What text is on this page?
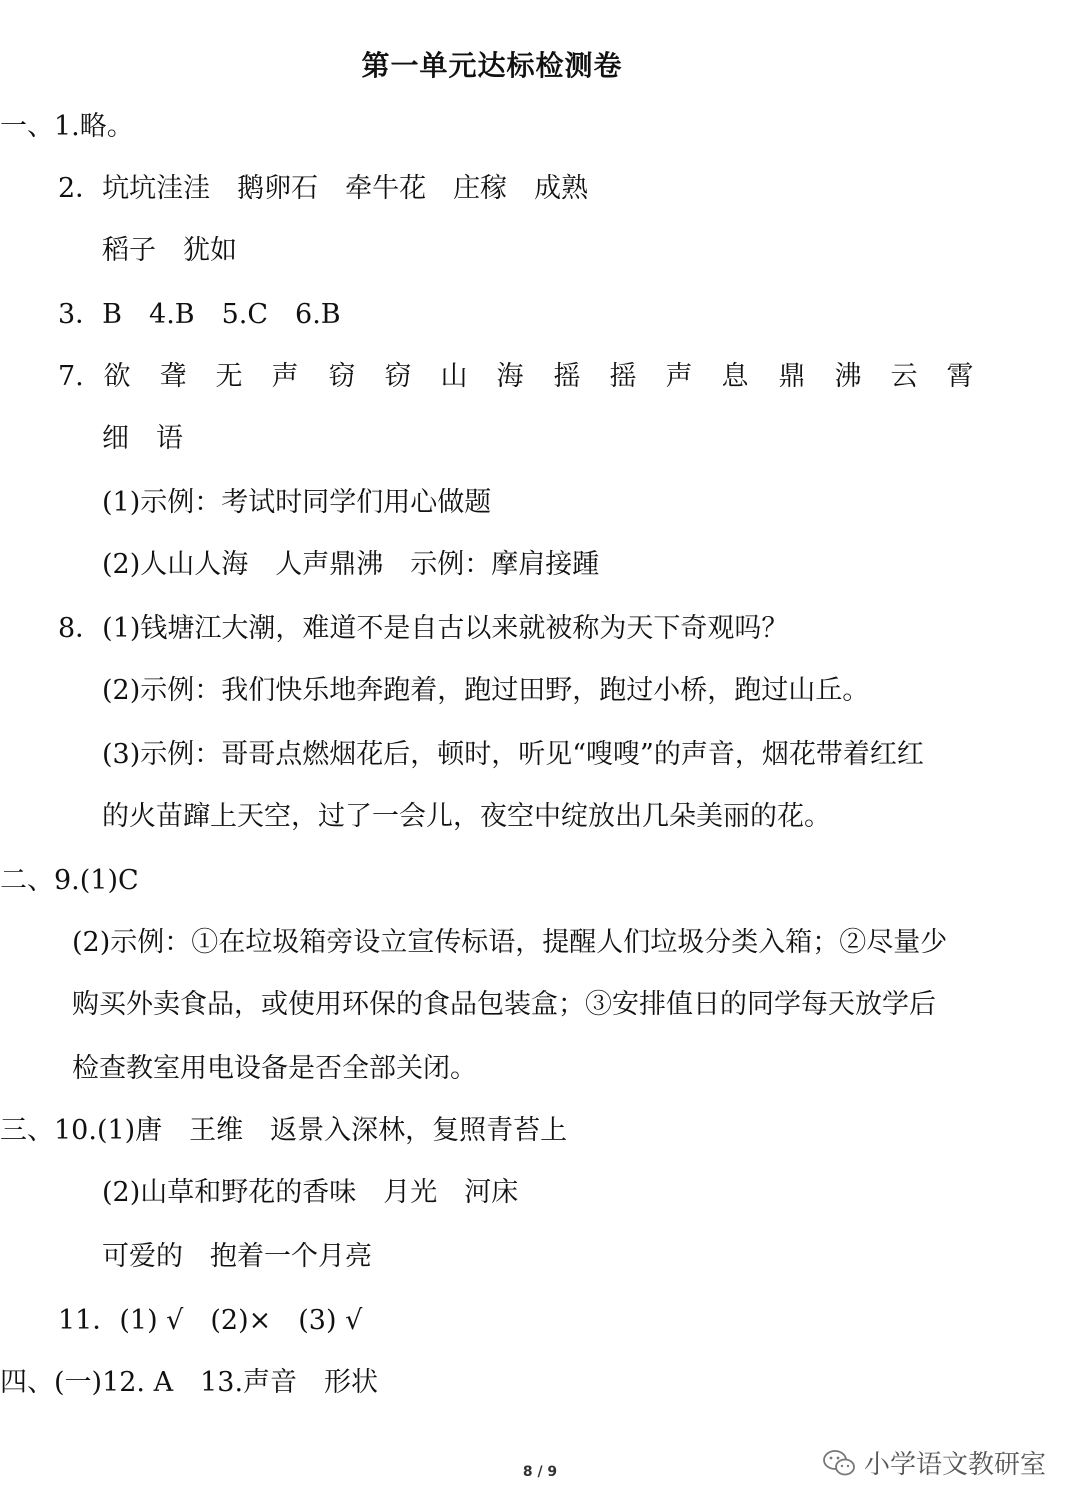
第一单元达标检测卷
一、1.略。
2．坑坑洼洼　鹅卵石　牵牛花　庄稼　成熟
稻子　犹如
3．B　4.B　5.C　6.B
7. 欲 聋 无 声 窃 窃 山 海 摇 摇 声 息 鼎 沸 云 霄
细　语
(1)示例：考试时同学们用心做题
(2)人山人海　人声鼎沸　示例：摩肩接踵
8．(1)钱塘江大潮，难道不是自古以来就被称为天下奇观吗？
(2)示例：我们快乐地奔跑着，跑过田野，跑过小桥，跑过山丘。
(3)示例：哥哥点燃烟花后，顿时，听见“嗖嗖”的声音，烟花带着红红
的火苗蹿上天空，过了一会儿，夜空中绽放出几朵美丽的花。
二、9.(1)C
(2)示例：①在垃圾箱旁设立宣传标语，提醒人们垃圾分类入箱；②尽量少
购买外卖食品，或使用环保的食品包装盒；③安排值日的同学每天放学后
检查教室用电设备是否全部关闭。
三、10.(1)唐　王维　返景入深林，复照青苔上
(2)山草和野花的香味　月光　河床
可爱的　抱着一个月亮
11．(1) √　(2)×　(3) √
四、(一)12. A　13.声音　形状
8 / 9	小学语文教研室
